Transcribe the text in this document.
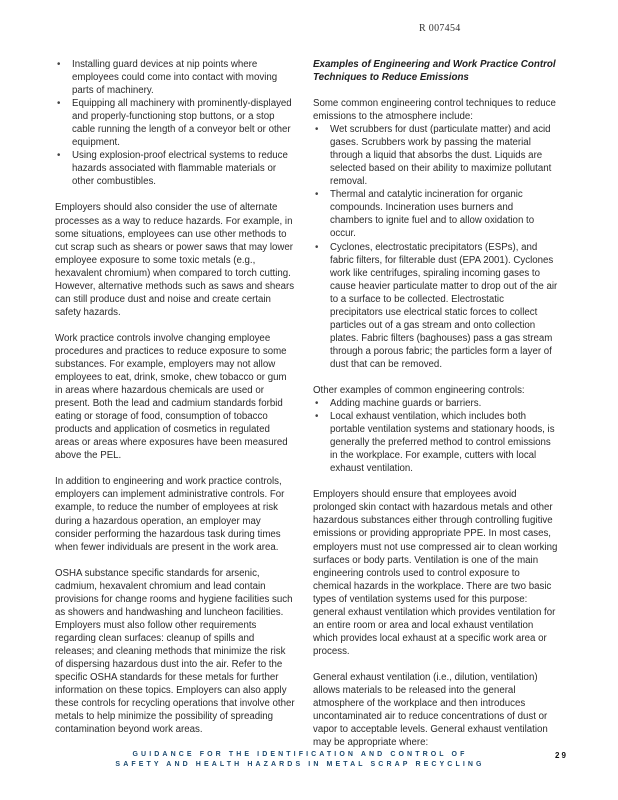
R 007454
• Installing guard devices at nip points where employees could come into contact with moving parts of machinery.
• Equipping all machinery with prominently-displayed and properly-functioning stop buttons, or a stop cable running the length of a conveyor belt or other equipment.
• Using explosion-proof electrical systems to reduce hazards associated with flammable materials or other combustibles.

Employers should also consider the use of alternate processes as a way to reduce hazards. For example, in some situations, employees can use other methods to cut scrap such as shears or power saws that may lower employee exposure to some toxic metals (e.g., hexavalent chromium) when compared to torch cutting. However, alternative methods such as saws and shears can still produce dust and noise and create certain safety hazards.

Work practice controls involve changing employee procedures and practices to reduce exposure to some substances. For example, employers may not allow employees to eat, drink, smoke, chew tobacco or gum in areas where hazardous chemicals are used or present. Both the lead and cadmium standards forbid eating or storage of food, consumption of tobacco products and application of cosmetics in regulated areas or areas where exposures have been measured above the PEL.

In addition to engineering and work practice controls, employers can implement administrative controls. For example, to reduce the number of employees at risk during a hazardous operation, an employer may consider performing the hazardous task during times when fewer individuals are present in the work area.

OSHA substance specific standards for arsenic, cadmium, hexavalent chromium and lead contain provisions for change rooms and hygiene facilities such as showers and handwashing and luncheon facilities. Employers must also follow other requirements regarding clean surfaces: cleanup of spills and releases; and cleaning methods that minimize the risk of dispersing hazardous dust into the air. Refer to the specific OSHA standards for these metals for further information on these topics. Employers can also apply these controls for recycling operations that involve other metals to help minimize the possibility of spreading contamination beyond work areas.

Examples of Engineering and Work Practice Control Techniques to Reduce Emissions

Some common engineering control techniques to reduce emissions to the atmosphere include:

• Wet scrubbers for dust (particulate matter) and acid gases. Scrubbers work by passing the material through a liquid that absorbs the dust. Liquids are selected based on their ability to maximize pollutant removal.
• Thermal and catalytic incineration for organic compounds. Incineration uses burners and chambers to ignite fuel and to allow oxidation to occur.
• Cyclones, electrostatic precipitators (ESPs), and fabric filters, for filterable dust (EPA 2001). Cyclones work like centrifuges, spiraling incoming gases to cause heavier particulate matter to drop out of the air to a surface to be collected. Electrostatic precipitators use electrical static forces to collect particles out of a gas stream and onto collection plates. Fabric filters (baghouses) pass a gas stream through a porous fabric; the particles form a layer of dust that can be removed.

Other examples of common engineering controls:

• Adding machine guards or barriers.
• Local exhaust ventilation, which includes both portable ventilation systems and stationary hoods, is generally the preferred method to control emissions in the workplace. For example, cutters with local exhaust ventilation.

Employers should ensure that employees avoid prolonged skin contact with hazardous metals and other hazardous substances either through controlling fugitive emissions or providing appropriate PPE. In most cases, employers must not use compressed air to clean working surfaces or body parts. Ventilation is one of the main engineering controls used to control exposure to chemical hazards in the workplace. There are two basic types of ventilation systems used for this purpose: general exhaust ventilation which provides ventilation for an entire room or area and local exhaust ventilation which provides local exhaust at a specific work area or process.

General exhaust ventilation (i.e., dilution, ventilation) allows materials to be released into the general atmosphere of the workplace and then introduces uncontaminated air to reduce concentrations of dust or vapor to acceptable levels. General exhaust ventilation may be appropriate where:

GUIDANCE FOR THE IDENTIFICATION AND CONTROL OF
SAFETY AND HEALTH HAZARDS IN METAL SCRAP RECYCLING
29
